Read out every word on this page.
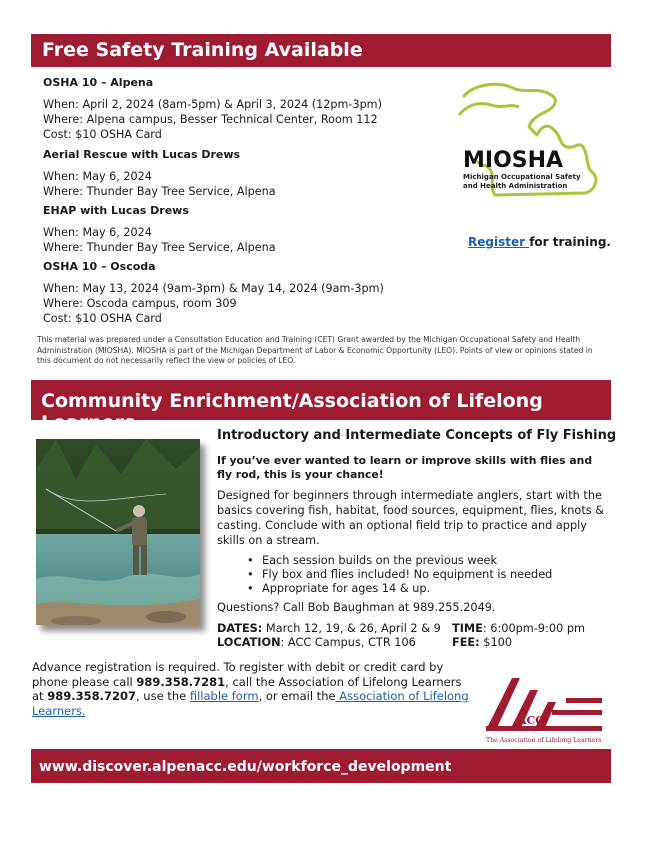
Free Safety Training Available
OSHA 10 – Alpena
When: April 2, 2024 (8am-5pm) & April 3, 2024 (12pm-3pm)
Where: Alpena campus, Besser Technical Center, Room 112
Cost: $10 OSHA Card
Aerial Rescue with Lucas Drews
When: May 6, 2024
Where: Thunder Bay Tree Service, Alpena
EHAP with Lucas Drews
When: May 6, 2024
Where: Thunder Bay Tree Service, Alpena
OSHA 10 – Oscoda
When: May 13, 2024 (9am-3pm) & May 14, 2024 (9am-3pm)
Where: Oscoda campus, room 309
Cost: $10 OSHA Card
MIOSHA
Michigan Occupational Safety
and Health Administration
Register for training.
This material was prepared under a Consultation Education and Training (CET) Grant awarded by the Michigan Occupational Safety and Health Administration (MIOSHA). MIOSHA is part of the Michigan Department of Labor & Economic Opportunity (LEO). Points of view or opinions stated in this document do not necessarily reflect the view or policies of LEO.
Community Enrichment/Association of Lifelong Learners

Introductory and Intermediate Concepts of Fly Fishing

If you’ve ever wanted to learn or improve skills with flies and fly rod, this is your chance!

Designed for beginners through intermediate anglers, start with the basics covering fish, habitat, food sources, equipment, flies, knots & casting. Conclude with an optional field trip to practice and apply skills on a stream.

• Each session builds on the previous week
• Fly box and flies included! No equipment is needed
• Appropriate for ages 14 & up.

Questions? Call Bob Baughman at 989.255.2049.

DATES: March 12, 19, & 26, April 2 & 9 TIME: 6:00pm-9:00 pm
LOCATION: ACC Campus, CTR 106	FEE: $100
Advance registration is required. To register with debit or credit card by phone please call 989.358.7281, call the Association of Lifelong Learners at 989.358.7207, use the fillable form, or email the Association of Lifelong Learners.
ACC
The Association of Lifelong Learners
www.discover.alpenacc.edu/workforce_development
